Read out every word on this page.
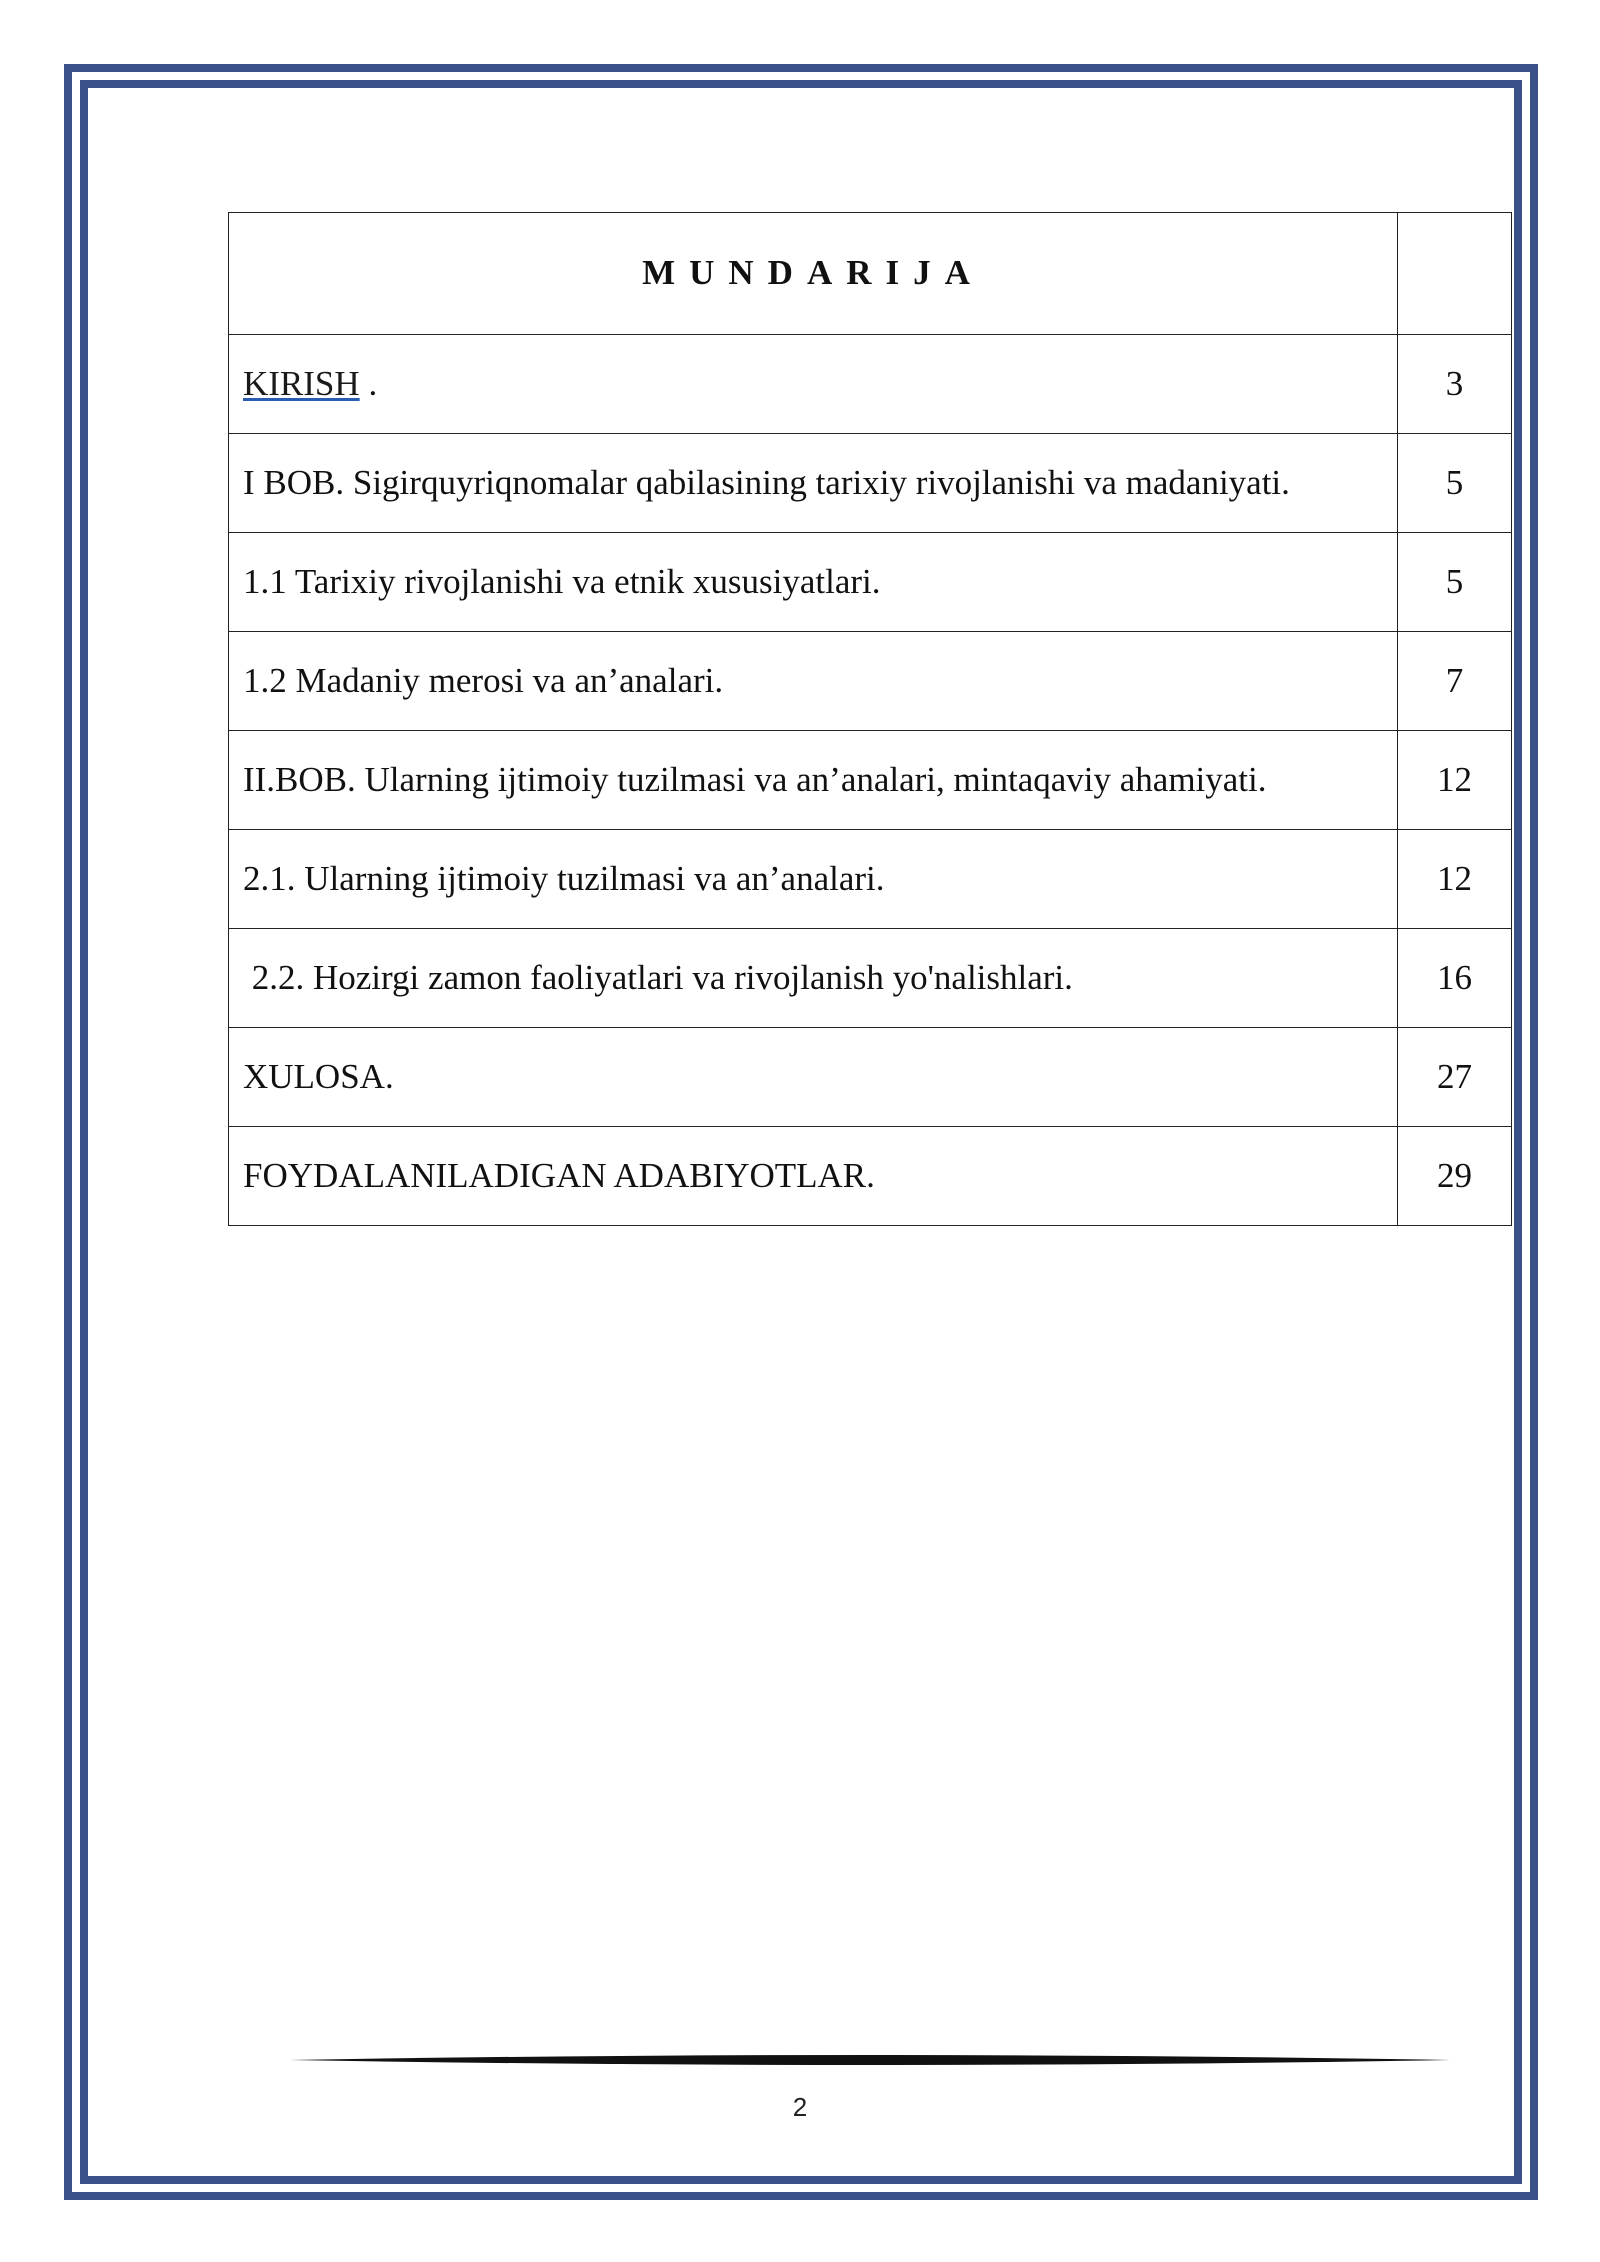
MUNDARIJA	
KIRISH .	3
I BOB. Sigirquyriqnomalar qabilasining tarixiy rivojlanishi va madaniyati.	5
1.1 Tarixiy rivojlanishi va etnik xususiyatlari.	5
1.2 Madaniy merosi va an’analari.	7
II.BOB. Ularning ijtimoiy tuzilmasi va an’analari, mintaqaviy ahamiyati.	12
2.1. Ularning ijtimoiy tuzilmasi va an’analari.	12
2.2. Hozirgi zamon faoliyatlari va rivojlanish yo'nalishlari.	16
XULOSA.	27
FOYDALANILADIGAN ADABIYOTLAR.	29
2
